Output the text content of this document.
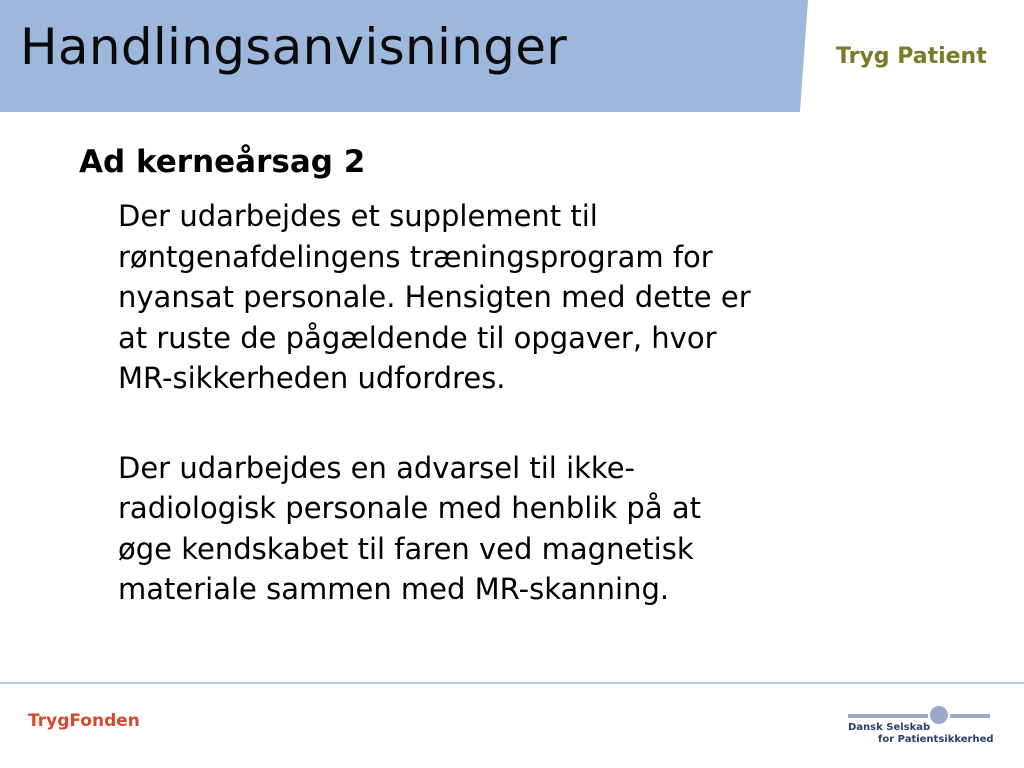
Handlingsanvisninger	Tryg Patient
Ad kerneårsag 2
Der udarbejdes et supplement til
røntgenafdelingens træningsprogram for
nyansat personale. Hensigten med dette er
at ruste de pågældende til opgaver, hvor
MR-sikkerheden udfordres.
Der udarbejdes en advarsel til ikke-
radiologisk personale med henblik på at
øge kendskabet til faren ved magnetisk
materiale sammen med MR-skanning.
TrygFonden	Dansk Selskab
for Patientsikkerhed
